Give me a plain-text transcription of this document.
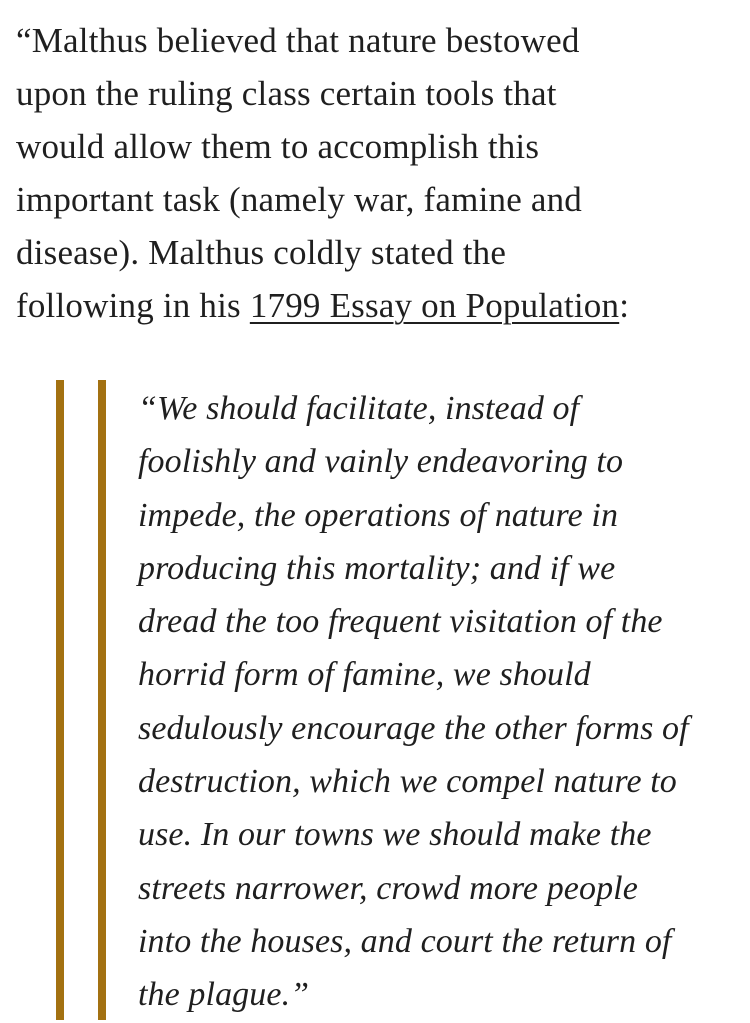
“Malthus believed that nature bestowed
upon the ruling class certain tools that
would allow them to accomplish this
important task (namely war, famine and
disease). Malthus coldly stated the
following in his 1799 Essay on Population:

“We should facilitate, instead of
foolishly and vainly endeavoring to
impede, the operations of nature in
producing this mortality; and if we
dread the too frequent visitation of the
horrid form of famine, we should
sedulously encourage the other forms of
destruction, which we compel nature to
use. In our towns we should make the
streets narrower, crowd more people
into the houses, and court the return of
the plague.”
